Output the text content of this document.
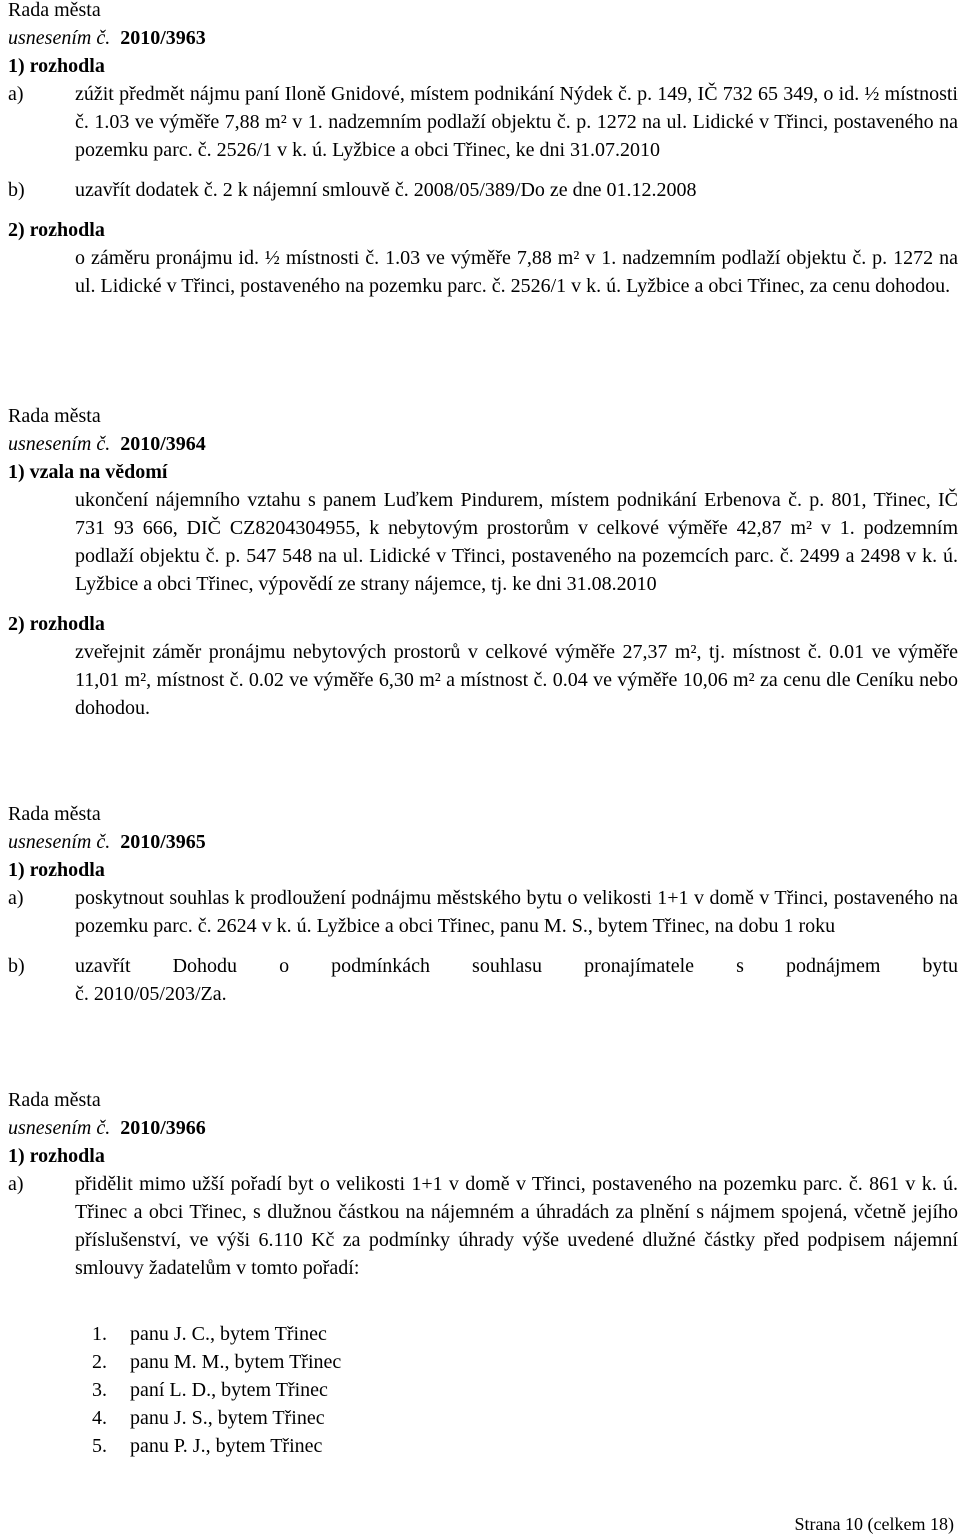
Rada města
usnesením č. 2010/3963
1) rozhodla
a)	zúžit předmět nájmu paní Iloně Gnidové, místem podnikání Nýdek č. p. 149, IČ 732 65 349, o id. ½ místnosti č. 1.03 ve výměře 7,88 m² v 1. nadzemním podlaží objektu č. p. 1272 na ul. Lidické v Třinci, postaveného na pozemku parc. č. 2526/1 v k. ú. Lyžbice a obci Třinec, ke dni 31.07.2010
b)	uzavřít dodatek č. 2 k nájemní smlouvě č. 2008/05/389/Do ze dne 01.12.2008
2) rozhodla
o záměru pronájmu id. ½ místnosti č. 1.03 ve výměře 7,88 m² v 1. nadzemním podlaží objektu č. p. 1272 na ul. Lidické v Třinci, postaveného na pozemku parc. č. 2526/1 v k. ú. Lyžbice a obci Třinec, za cenu dohodou.
Rada města
usnesením č. 2010/3964
1) vzala na vědomí
ukončení nájemního vztahu s panem Luďkem Pindurem, místem podnikání Erbenova č. p. 801, Třinec, IČ 731 93 666, DIČ CZ8204304955, k nebytovým prostorům v celkové výměře 42,87 m² v 1. podzemním podlaží objektu č. p. 547 548 na ul. Lidické v Třinci, postaveného na pozemcích parc. č. 2499 a 2498 v k. ú. Lyžbice a obci Třinec, výpovědí ze strany nájemce, tj. ke dni 31.08.2010
2) rozhodla
zveřejnit záměr pronájmu nebytových prostorů v celkové výměře 27,37 m², tj. místnost č. 0.01 ve výměře 11,01 m², místnost č. 0.02 ve výměře 6,30 m² a místnost č. 0.04 ve výměře 10,06 m² za cenu dle Ceníku nebo dohodou.
Rada města
usnesením č. 2010/3965
1) rozhodla
a)	poskytnout souhlas k prodloužení podnájmu městského bytu o velikosti 1+1 v domě v Třinci, postaveného na pozemku parc. č. 2624 v k. ú. Lyžbice a obci Třinec, panu M. S., bytem Třinec, na dobu 1 roku
b)	uzavřít Dohodu o podmínkách souhlasu pronajímatele s podnájmem bytu
č. 2010/05/203/Za.
Rada města
usnesením č. 2010/3966
1) rozhodla
a)	přidělit mimo užší pořadí byt o velikosti 1+1 v domě v Třinci, postaveného na pozemku parc. č. 861 v k. ú. Třinec a obci Třinec, s dlužnou částkou na nájemném a úhradách za plnění s nájmem spojená, včetně jejího příslušenství, ve výši 6.110 Kč za podmínky úhrady výše uvedené dlužné částky před podpisem nájemní smlouvy žadatelům v tomto pořadí:
1. panu J. C., bytem Třinec
2. panu M. M., bytem Třinec
3. paní L. D., bytem Třinec
4. panu J. S., bytem Třinec
5. panu P. J., bytem Třinec
Strana 10 (celkem 18)
